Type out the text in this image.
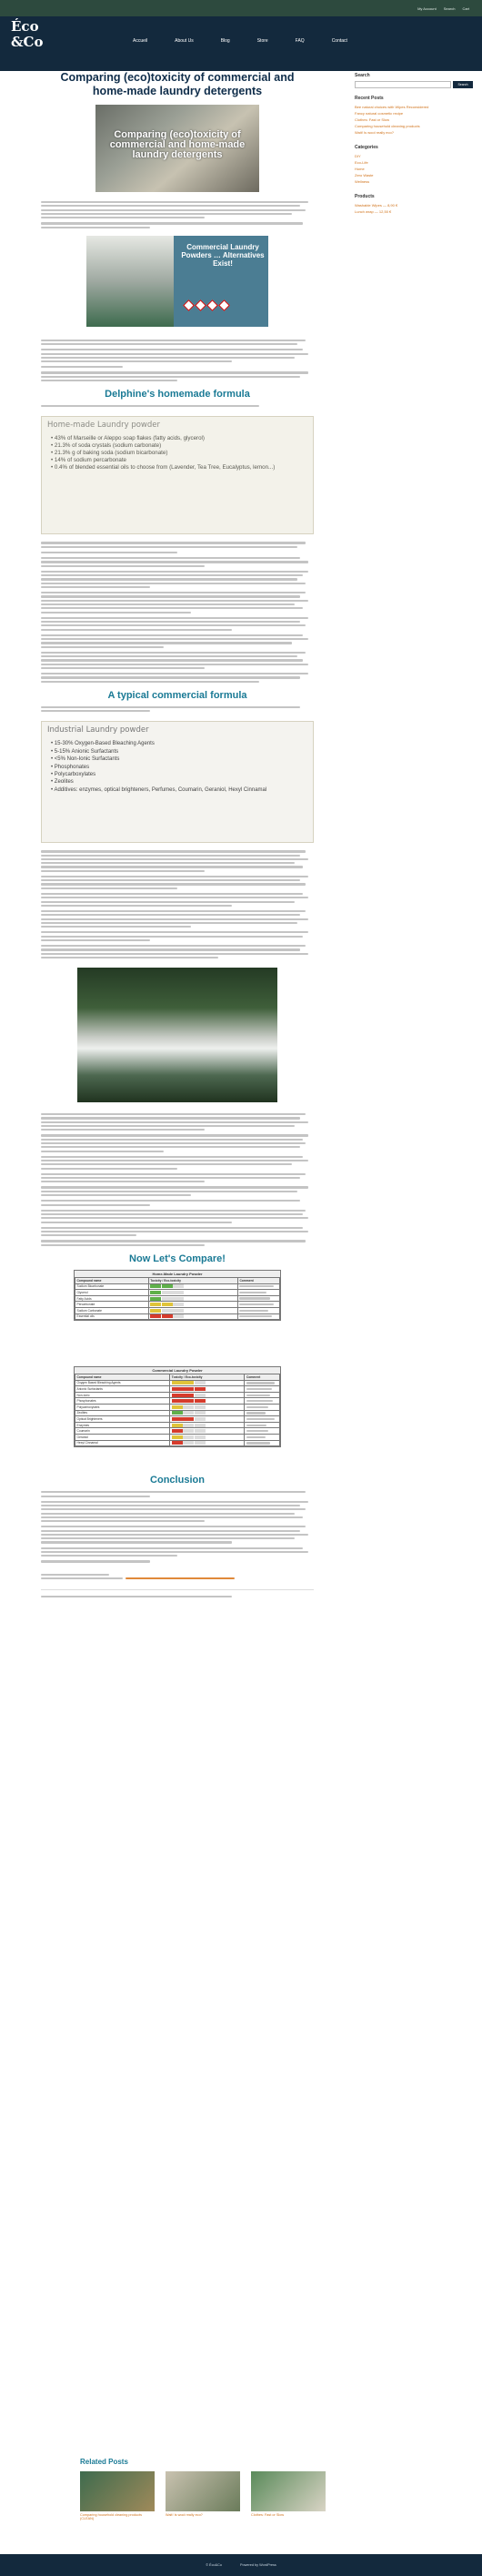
My Account Search Cart
Éco
&Co	Accueil	About Us	Blog	Store	FAQ	Contact
Comparing (eco)toxicity of commercial and home-made laundry detergents
Comparing (eco)toxicity of commercial and home-made laundry detergents
Commercial Laundry Powders … Alternatives Exist!
Delphine's homemade formula
Home-made Laundry powder
• 43% of Marseille or Aleppo soap flakes (fatty acids, glycerol)
• 21.3% of soda crystals (sodium carbonate)
• 21.3% g of baking soda (sodium bicarbonate)
• 14% of sodium percarbonate
• 0.4% of blended essential oils to choose from (Lavender, Tea Tree, Eucalyptus, lemon...)
A typical commercial formula
Industrial Laundry powder
• 15-30% Oxygen-Based Bleaching Agents
• 5-15% Anionic Surfactants
• <5% Non-Ionic Surfactants
• Phosphonates
• Polycarboxylates
• Zeolites
• Additives: enzymes, optical brighteners, Perfumes, Coumarin, Geraniol, Hexyl Cinnamal

Now Let's Compare!
Home-Made Laundry Powder
Compound name	Toxicity / Eco-toxicity	Comment
Sodium Bicarbonate	

Glycerol	

Fatty Acids	

Percarbonate	

Sodium Carbonate	

Essential oils	

Commercial Laundry Powder
Compound name	Toxicity / Eco-toxicity	Comment
Oxygen Based Bleaching Agents	

Anionic Surfactants	

Non-Ionic	

Phosphonates	

Polycarboxylates	

Zeolites	

Optical Brighteners	

Enzymes	

Coumarin	

Geraniol	

Hexyl Cinnamal	

Conclusion
Search
Search
Recent Posts
Bee natural choices with Wipes Reconsidered
Fancy natural cosmetic recipe
Clothes: Fast or Slow
Comparing household cleaning products
Wait! Is wool really eco?
Categories
DIY
Eco-Life
Home
Zero Waste
Wellness
Products
Washable Wipes — 8,90 €
Lunch wrap — 12,50 €
Related Posts
Comparing household cleaning products (CLEAN)
Wait! Is wool really eco?	Clothes: Fast or Slow
© Éco&Co	Powered by WordPress
